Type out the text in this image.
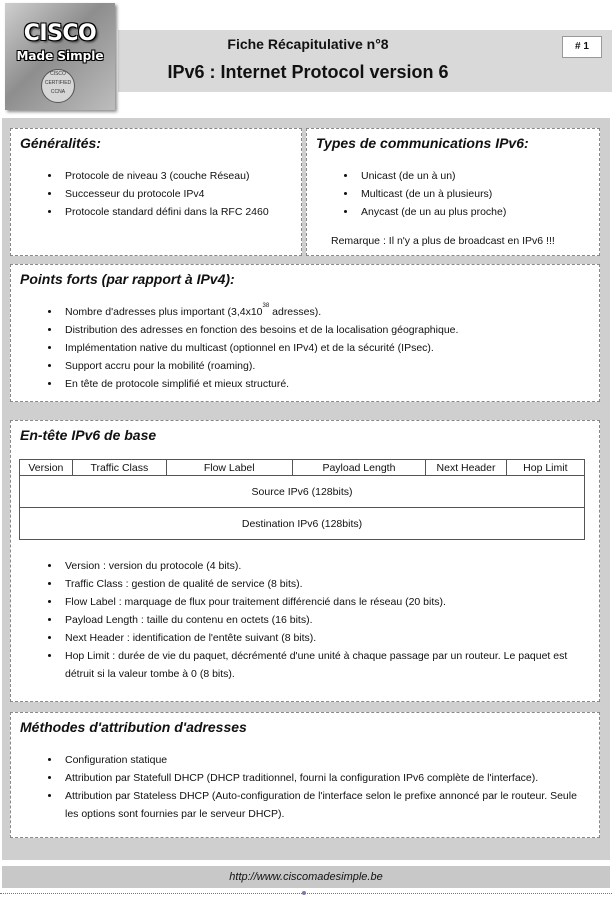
CISCO
Made Simple
CISCO CERTIFIED CCNA
Fiche Récapitulative n°8
IPv6 : Internet Protocol version 6
# 1
Généralités:
• Protocole de niveau 3 (couche Réseau)
• Successeur du protocole IPv4
• Protocole standard défini dans la RFC 2460
Types de communications IPv6:
• Unicast (de un à un)
• Multicast (de un à plusieurs)
• Anycast (de un au plus proche)
Remarque : Il n'y a plus de broadcast en IPv6 !!!
Points forts (par rapport à IPv4):
• Nombre d'adresses plus important ($3,4x10^{38}$ adresses).
• Distribution des adresses en fonction des besoins et de la localisation géographique.
• Implémentation native du multicast (optionnel en IPv4) et de la sécurité (IPsec).
• Support accru pour la mobilité (roaming).
• En tête de protocole simplifié et mieux structuré.
En-tête IPv6 de base
Version	Traffic Class	Flow Label	Payload Length	Next Header	Hop Limit
Source IPv6 (128bits)
Destination IPv6 (128bits)
• Version : version du protocole (4 bits).
• Traffic Class : gestion de qualité de service (8 bits).
• Flow Label : marquage de flux pour traitement différencié dans le réseau (20 bits).
• Payload Length : taille du contenu en octets (16 bits).
• Next Header : identification de l'entête suivant (8 bits).
• Hop Limit : durée de vie du paquet, décrémenté d'une unité à chaque passage par un routeur. Le paquet est détruit si la valeur tombe à 0 (8 bits).
Méthodes d'attribution d'adresses
• Configuration statique
• Attribution par Statefull DHCP (DHCP traditionnel, fourni la configuration IPv6 complète de l'interface).
• Attribution par Stateless DHCP (Auto-configuration de l'interface selon le prefixe annoncé par le routeur. Seule les options sont fournies par le serveur DHCP).
http://www.ciscomadesimple.be
